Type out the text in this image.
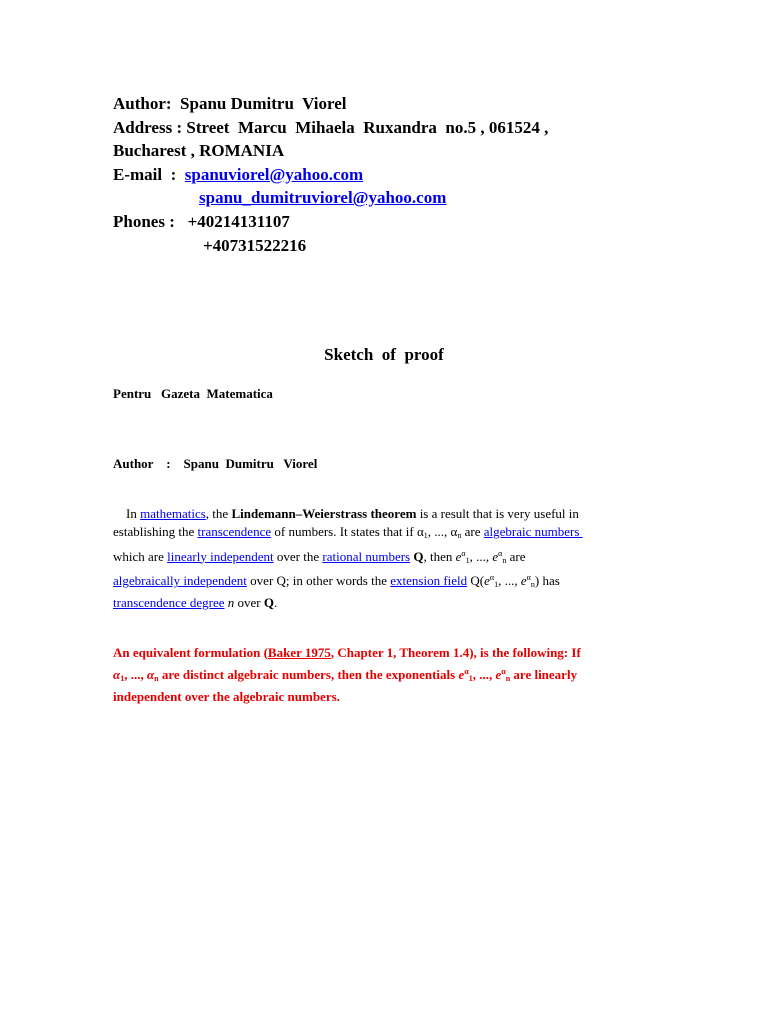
Author:  Spanu Dumitru  Viorel
Address : Street  Marcu  Mihaela  Ruxandra  no.5 , 061524 ,
Bucharest , ROMANIA
E-mail  :  spanuviorel@yahoo.com
spanu_dumitruviorel@yahoo.com
Phones :   +40214131107
+40731522216
Sketch  of  proof
Pentru   Gazeta  Matematica
Author    :    Spanu  Dumitru   Viorel
In mathematics, the Lindemann–Weierstrass theorem is a result that is very useful in
establishing the transcendence of numbers. It states that if $\alpha_1$, ..., $\alpha_n$ are algebraic numbers
which are linearly independent over the rational numbers Q, then $e^\alpha_1$, ..., $e^\alpha_n$ are
algebraically independent over Q; in other words the extension field $Q(e^\alpha_1$, ..., $e^\alpha_n$) has
transcendence degree n over Q.
An equivalent formulation (Baker 1975, Chapter 1, Theorem 1.4), is the following: If
$\alpha_1$, ..., $\alpha_n$ are distinct algebraic numbers, then the exponentials $e^\alpha_1$, ..., $e^\alpha_n$ are linearly
independent over the algebraic numbers.
